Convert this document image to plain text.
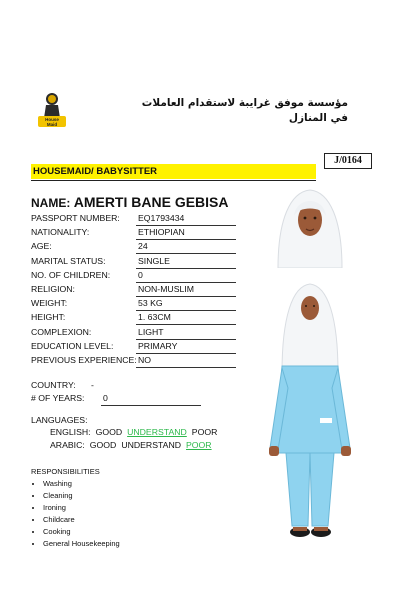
House
Maid
مؤسسة موفق غرايبة لاستقدام العاملات
في المنازل
J/0164
HOUSEMAID/ BABYSITTER
NAME: AMERTI BANE GEBISA
PASSPORT NUMBER: EQ1793434
NATIONALITY:	ETHIOPIAN
AGE:	24
MARITAL STATUS:	SINGLE
NO. OF CHILDREN:	0
RELIGION:	NON-MUSLIM
WEIGHT:	53 KG
HEIGHT:	1. 63CM
COMPLEXION:	LIGHT
EDUCATION LEVEL:	PRIMARY
PREVIOUS EXPERIENCE: NO
COUNTRY: -
# OF YEARS: 0
LANGUAGES:
ENGLISH: GOOD UNDERSTAND POOR
ARABIC: GOOD UNDERSTAND POOR
RESPONSIBILITIES
• Washing
• Cleaning
• Ironing
• Childcare
• Cooking
• General Housekeeping
